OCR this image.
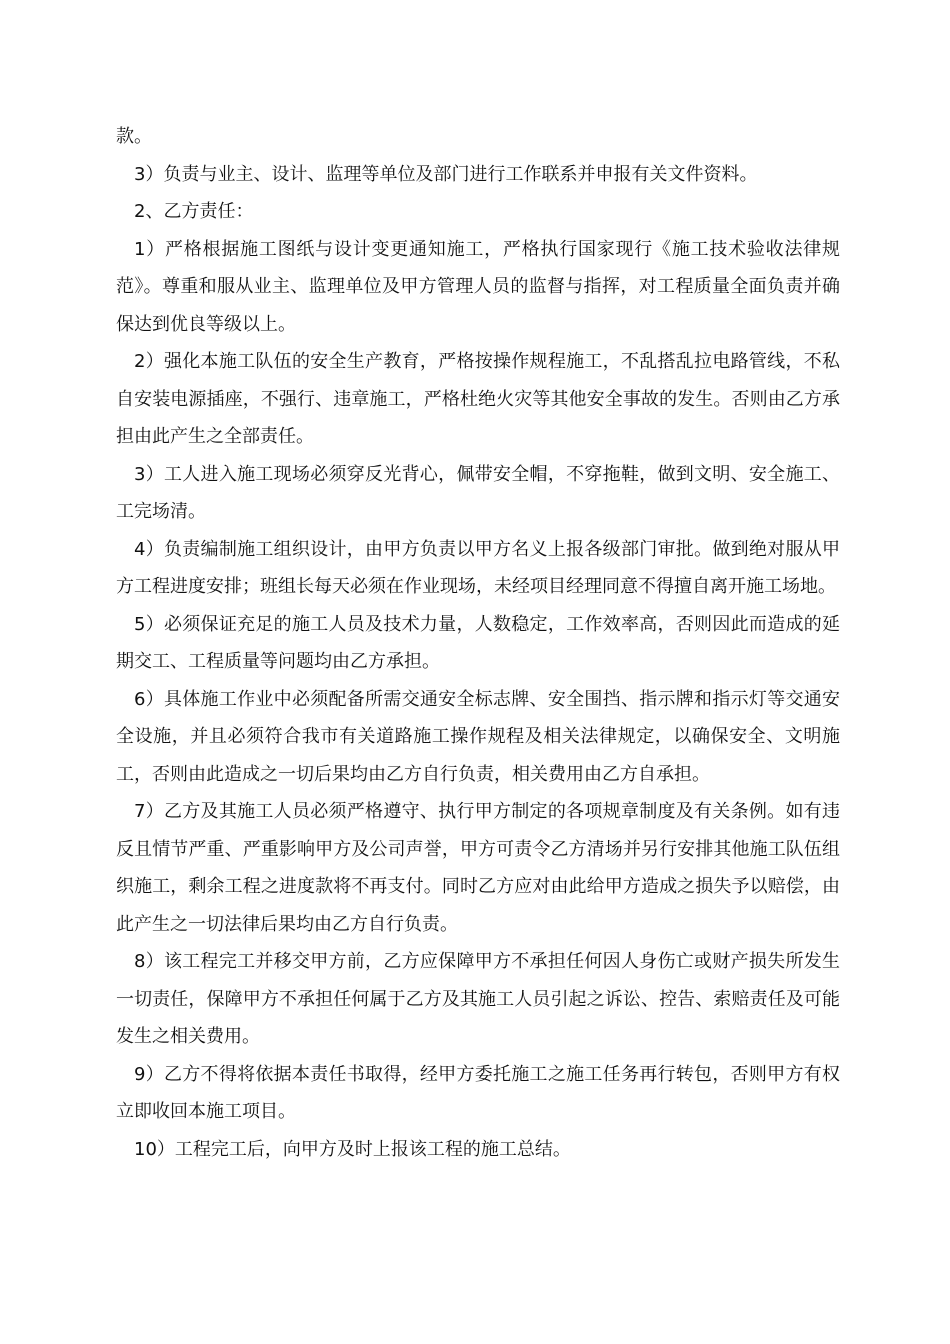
款。

3）负责与业主、设计、监理等单位及部门进行工作联系并申报有关文件资料。

2、乙方责任：

1）严格根据施工图纸与设计变更通知施工，严格执行国家现行《施工技术验收法律规范》。尊重和服从业主、监理单位及甲方管理人员的监督与指挥，对工程质量全面负责并确保达到优良等级以上。

2）强化本施工队伍的安全生产教育，严格按操作规程施工，不乱搭乱拉电路管线，不私自安装电源插座，不强行、违章施工，严格杜绝火灾等其他安全事故的发生。否则由乙方承担由此产生之全部责任。

3）工人进入施工现场必须穿反光背心，佩带安全帽，不穿拖鞋，做到文明、安全施工、工完场清。

4）负责编制施工组织设计，由甲方负责以甲方名义上报各级部门审批。做到绝对服从甲方工程进度安排；班组长每天必须在作业现场，未经项目经理同意不得擅自离开施工场地。

5）必须保证充足的施工人员及技术力量，人数稳定，工作效率高，否则因此而造成的延期交工、工程质量等问题均由乙方承担。

6）具体施工作业中必须配备所需交通安全标志牌、安全围挡、指示牌和指示灯等交通安全设施，并且必须符合我市有关道路施工操作规程及相关法律规定，以确保安全、文明施工，否则由此造成之一切后果均由乙方自行负责，相关费用由乙方自承担。

7）乙方及其施工人员必须严格遵守、执行甲方制定的各项规章制度及有关条例。如有违反且情节严重、严重影响甲方及公司声誉，甲方可责令乙方清场并另行安排其他施工队伍组织施工，剩余工程之进度款将不再支付。同时乙方应对由此给甲方造成之损失予以赔偿，由此产生之一切法律后果均由乙方自行负责。

8）该工程完工并移交甲方前，乙方应保障甲方不承担任何因人身伤亡或财产损失所发生一切责任，保障甲方不承担任何属于乙方及其施工人员引起之诉讼、控告、索赔责任及可能发生之相关费用。

9）乙方不得将依据本责任书取得，经甲方委托施工之施工任务再行转包，否则甲方有权立即收回本施工项目。

10）工程完工后，向甲方及时上报该工程的施工总结。
